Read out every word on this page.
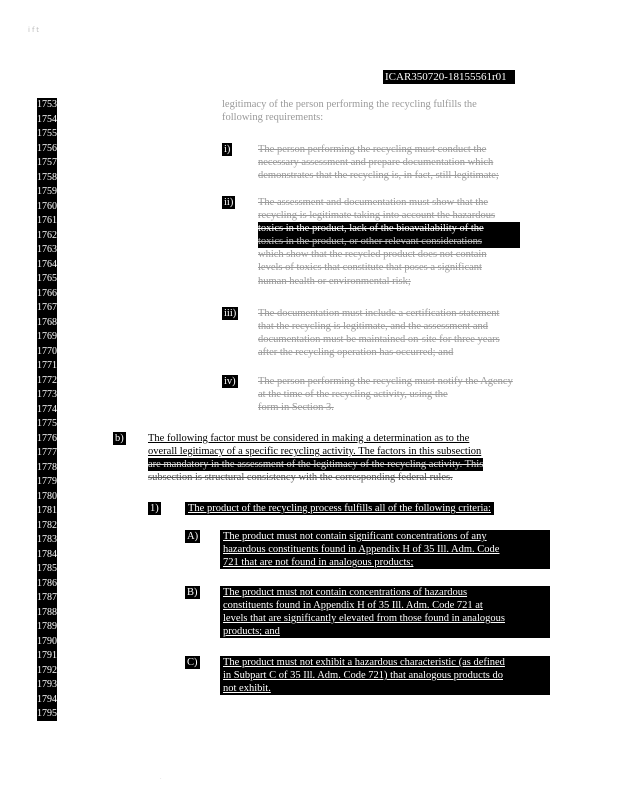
ift
ICAR350720-18155561r01
1753
1754
1755
1756
1757
1758
1759
1760
1761
1762
1763
1764
1765
1766
1767
1768
1769
1770
1771
1772
1773
1774
1775
1776
1777
1778
1779
1780
1781
1782
1783
1784
1785
1786
1787
1788
1789
1790
1791
1792
1793
1794
1795
legitimacy of the person performing the recycling fulfills the
following requirements:
i)	The person performing the recycling must conduct the
necessary assessment and prepare documentation which
demonstrates that the recycling is, in fact, still legitimate;
ii) The assessment and documentation must show that the
recycling is legitimate taking into account the hazardous
toxics in the product, lack of the bioavailability of the
toxics in the product, or other relevant considerations
which show that the recycled product does not contain
levels of toxics that constitute that poses a significant
human health or environmental risk;
iii) The documentation must include a certification statement
that the recycling is legitimate, and the assessment and
documentation must be maintained on-site for three years
after the recycling operation has occurred; and
iv) The person performing the recycling must notify the Agency
at the time of the recycling activity, using the
form in Section 3.
b) The following factor must be considered in making a determination as to the
overall legitimacy of a specific recycling activity. The factors in this subsection
are mandatory in the assessment of the legitimacy of the recycling activity. This
subsection is structural consistency with the corresponding federal rules.
1)	The product of the recycling process fulfills all of the following criteria:
A) The product must not contain significant concentrations of any
hazardous constituents found in Appendix H of 35 Ill. Adm. Code
721 that are not found in analogous products;
B) The product must not contain concentrations of hazardous
constituents found in Appendix H of 35 Ill. Adm. Code 721 at
levels that are significantly elevated from those found in analogous
products; and
C) The product must not exhibit a hazardous characteristic (as defined
in Subpart C of 35 Ill. Adm. Code 721) that analogous products do
not exhibit.
.
